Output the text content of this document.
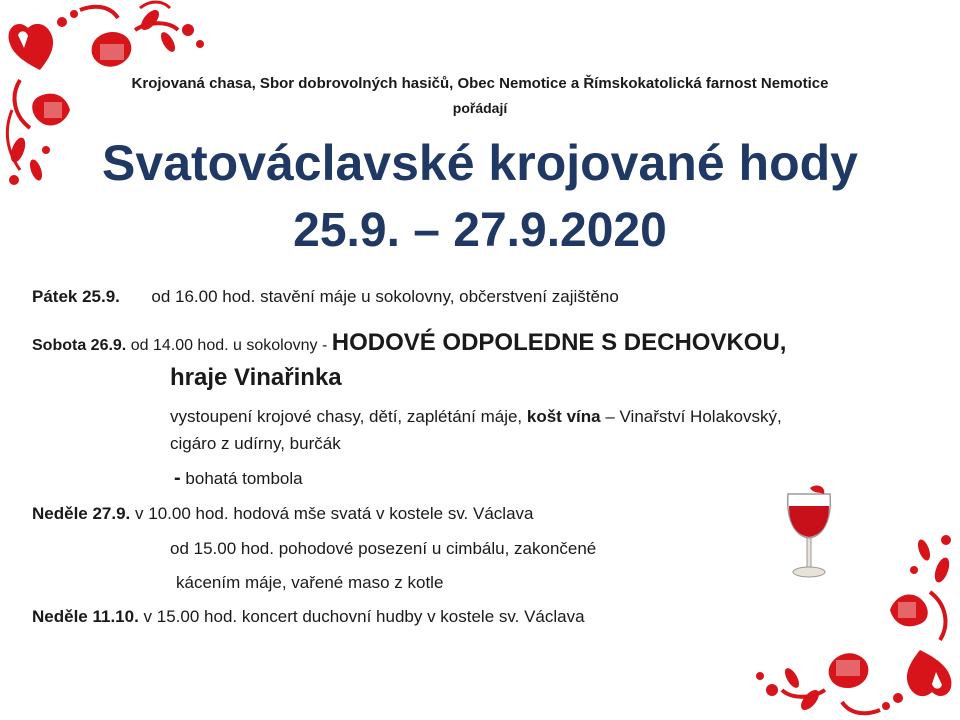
Krojovaná chasa, Sbor dobrovolných hasičů, Obec Nemotice a Římskokatolická farnost Nemotice
pořádají
Svatováclavské krojované hody
25.9. – 27.9.2020
Pátek 25.9. od 16.00 hod. stavění máje u sokolovny, občerstvení zajištěno
Sobota 26.9. od 14.00 hod. u sokolovny - HODOVÉ ODPOLEDNE S DECHOVKOU,
hraje Vinařinka
vystoupení krojové chasy, dětí, zaplétání máje, košt vína – Vinařství Holakovský,
cigáro z udírny, burčák
- bohatá tombola
Neděle 27.9. v 10.00 hod. hodová mše svatá v kostele sv. Václava
od 15.00 hod. pohodové posezení u cimbálu, zakončené
kácením máje, vařené maso z kotle
Neděle 11.10. v 15.00 hod. koncert duchovní hudby v kostele sv. Václava
